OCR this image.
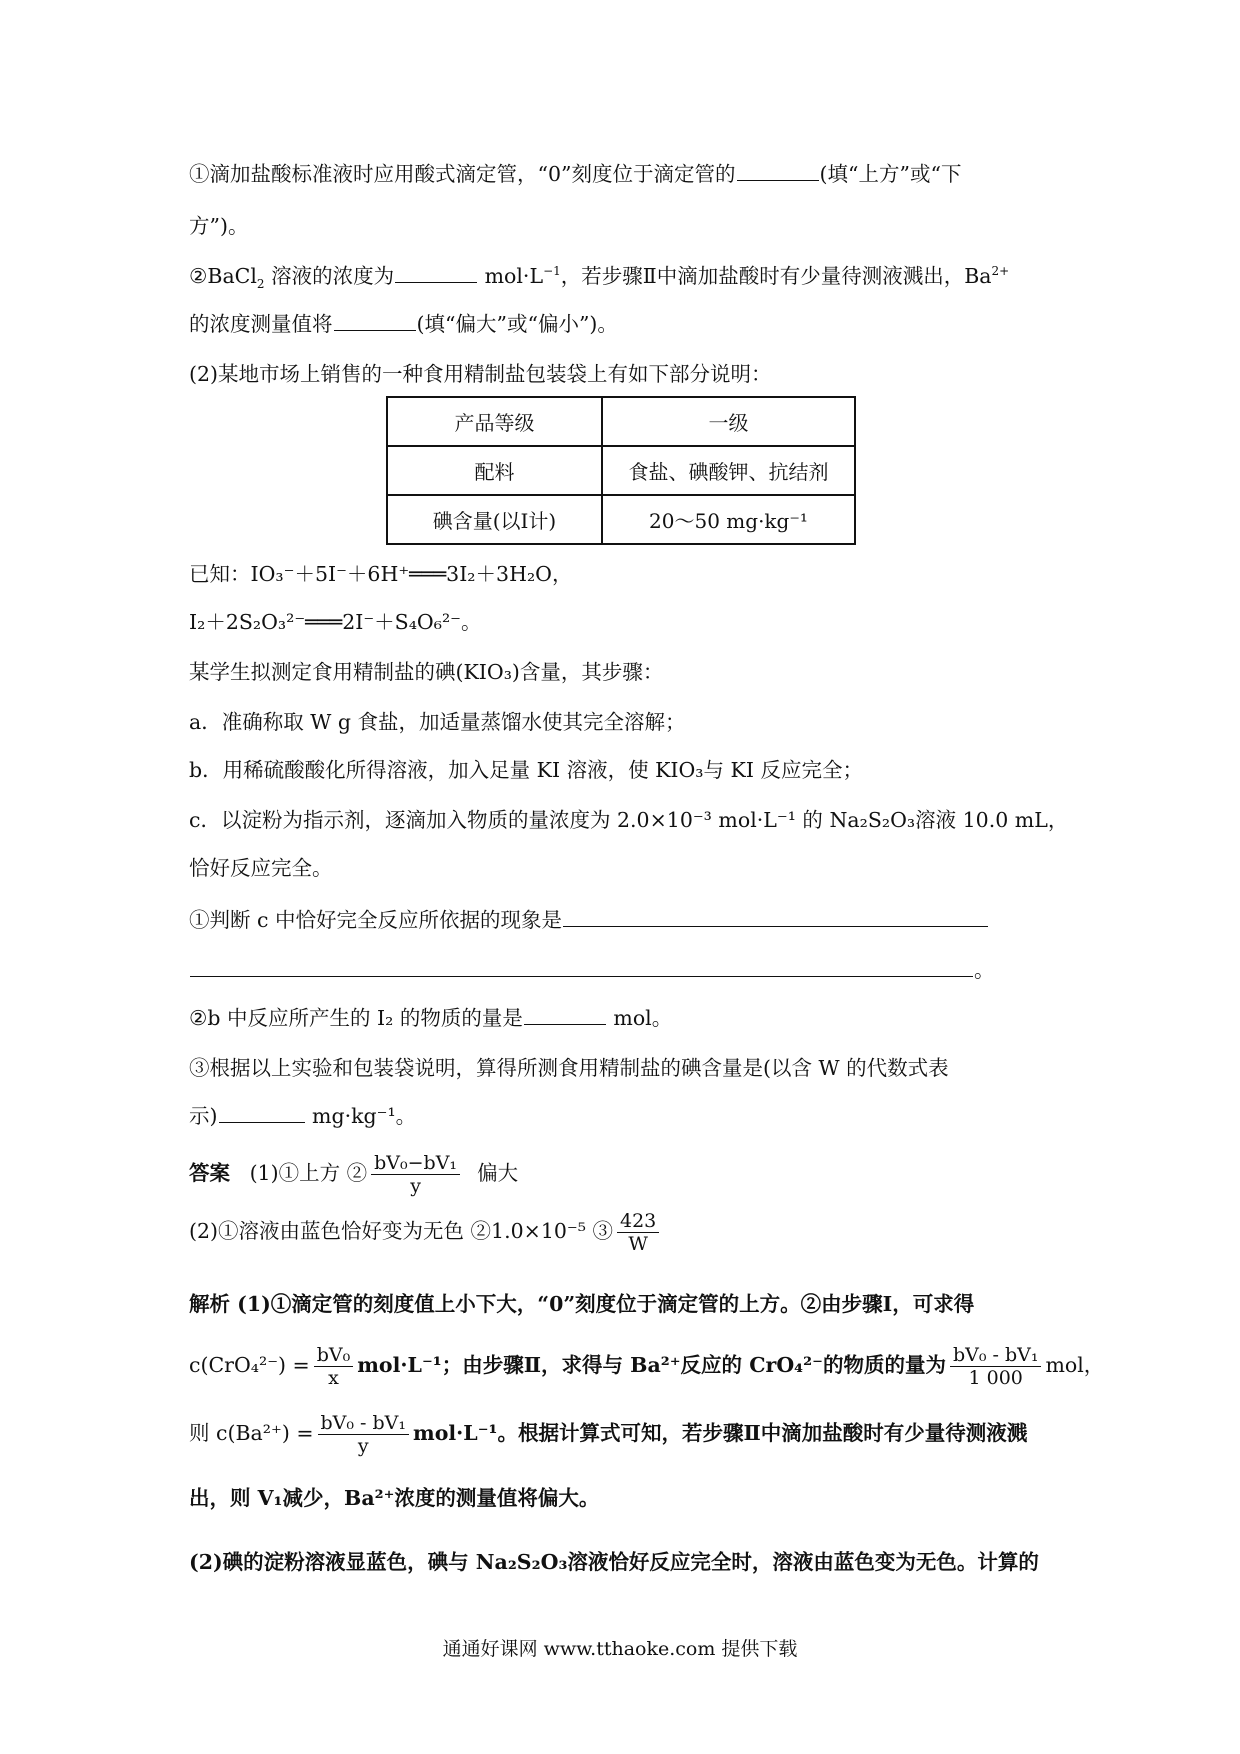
①滴加盐酸标准液时应用酸式滴定管，“0”刻度位于滴定管的	(填“上方”或“下
方”)。
②BaCl$_2$ 溶液的浓度为	$mol\cdot L^{-1}$，若步骤Ⅱ中滴加盐酸时有少量待测液溅出，$Ba^{2+}$
的浓度测量值将	(填“偏大”或“偏小”)。
(2)某地市场上销售的一种食用精制盐包装袋上有如下部分说明：
产品等级	一级
配料	食盐、碘酸钾、抗结剂
碘含量(以I计)	20～50 mg·kg⁻¹
已知：IO₃⁻＋5I⁻＋6H⁺═══3I₂＋3H₂O，
I₂＋2S₂O₃²⁻═══2I⁻＋S₄O₆²⁻。
某学生拟测定食用精制盐的碘(KIO₃)含量，其步骤：
a．准确称取 W g 食盐，加适量蒸馏水使其完全溶解；
b．用稀硫酸酸化所得溶液，加入足量 KI 溶液，使 KIO₃与 KI 反应完全；
c．以淀粉为指示剂，逐滴加入物质的量浓度为 2.0×10⁻³ mol·L⁻¹ 的 Na₂S₂O₃溶液 10.0 mL，
恰好反应完全。
①判断 c 中恰好完全反应所依据的现象是
。
②b 中反应所产生的 I₂ 的物质的量是	mol。
③根据以上实验和包装袋说明，算得所测食用精制盐的碘含量是(以含 W 的代数式表
示)	mg·kg⁻¹。
答案 (1)①上方 ② $\frac{\text{bV₀−bV₁}}{y}$ 偏大
(2)①溶液由蓝色恰好变为无色 ②1.0×10⁻⁵ ③ $\frac{423}{W}$
解析 (1)①滴定管的刻度值上小下大，“0”刻度位于滴定管的上方。②由步骤Ⅰ，可求得
$c(CrO_4^{2-}) = \frac{\text{bV₀}}{x} mol\cdot L^{-1}$；由步骤Ⅱ，求得与 Ba²⁺反应的 CrO₄²⁻的物质的量为 $\frac{\text{bV₀ - bV₁}}{1 000}$ mol，
则 $c(Ba^{2+}) = \frac{\text{bV₀ - bV₁}}{y} mol\cdot L^{-1}$。根据计算式可知，若步骤Ⅱ中滴加盐酸时有少量待测液溅
出，则 V₁减少，Ba²⁺浓度的测量值将偏大。
(2)碘的淀粉溶液显蓝色，碘与 Na₂S₂O₃溶液恰好反应完全时，溶液由蓝色变为无色。计算的
通通好课网 www.tthaoke.com 提供下载
